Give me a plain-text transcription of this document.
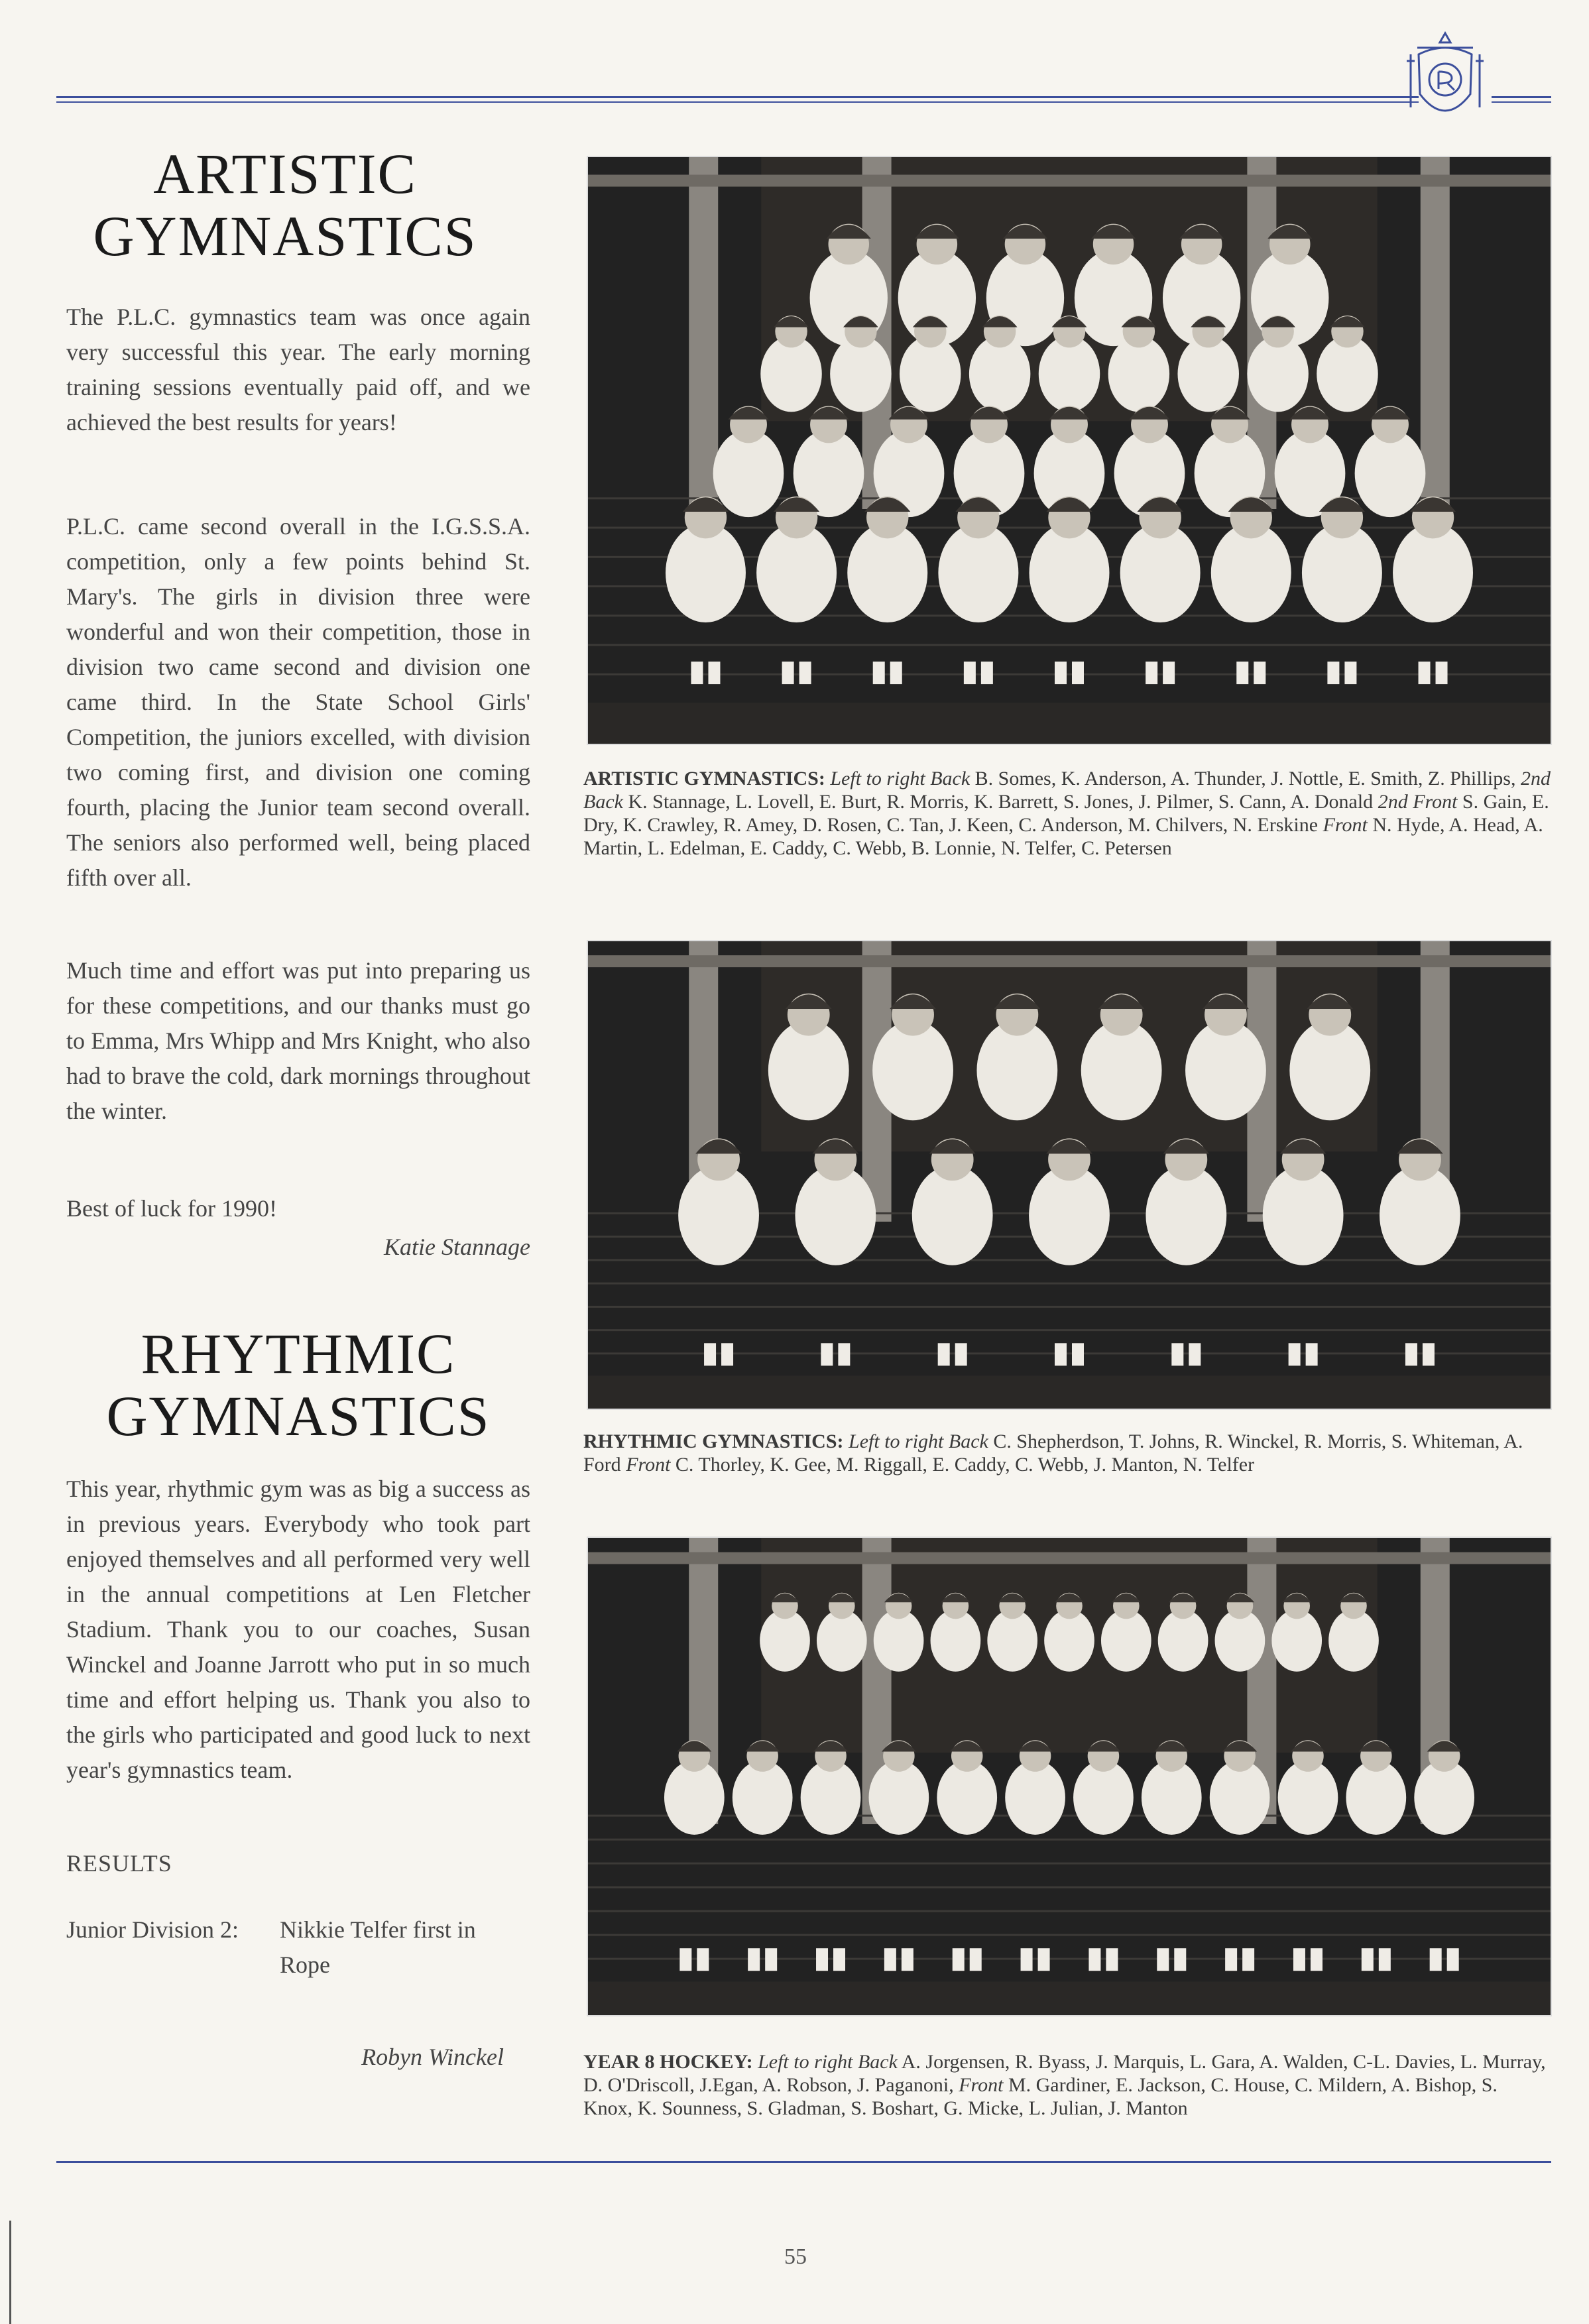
ARTISTIC GYMNASTICS

The P.L.C. gymnastics team was once again very successful this year. The early morning training sessions eventually paid off, and we achieved the best results for years!

P.L.C. came second overall in the I.G.S.S.A. competition, only a few points behind St. Mary's. The girls in division three were wonderful and won their competition, those in division two came second and division one came third. In the State School Girls' Competition, the juniors excelled, with division two coming first, and division one coming fourth, placing the Junior team second overall. The seniors also performed well, being placed fifth over all.

Much time and effort was put into preparing us for these competitions, and our thanks must go to Emma, Mrs Whipp and Mrs Knight, who also had to brave the cold, dark mornings throughout the winter.

Best of luck for 1990!

Katie Stannage
RHYTHMIC GYMNASTICS

This year, rhythmic gym was as big a success as in previous years. Everybody who took part enjoyed themselves and all performed very well in the annual competitions at Len Fletcher Stadium. Thank you to our coaches, Susan Winckel and Joanne Jarrott who put in so much time and effort helping us. Thank you also to the girls who participated and good luck to next year's gymnastics team.

RESULTS
Junior Division 2: Nikkie Telfer first in Rope
Robyn Winckel

ARTISTIC GYMNASTICS: Left to right Back B. Somes, K. Anderson, A. Thunder, J. Nottle, E. Smith, Z. Phillips, 2nd Back K. Stannage, L. Lovell, E. Burt, R. Morris, K. Barrett, S. Jones, J. Pilmer, S. Cann, A. Donald 2nd Front S. Gain, E. Dry, K. Crawley, R. Amey, D. Rosen, C. Tan, J. Keen, C. Anderson, M. Chilvers, N. Erskine Front N. Hyde, A. Head, A. Martin, L. Edelman, E. Caddy, C. Webb, B. Lonnie, N. Telfer, C. Petersen

RHYTHMIC GYMNASTICS: Left to right Back C. Shepherdson, T. Johns, R. Winckel, R. Morris, S. Whiteman, A. Ford Front C. Thorley, K. Gee, M. Riggall, E. Caddy, C. Webb, J. Manton, N. Telfer

YEAR 8 HOCKEY: Left to right Back A. Jorgensen, R. Byass, J. Marquis, L. Gara, A. Walden, C-L. Davies, L. Murray, D. O'Driscoll, J.Egan, A. Robson, J. Paganoni, Front M. Gardiner, E. Jackson, C. House, C. Mildern, A. Bishop, S. Knox, K. Sounness, S. Gladman, S. Boshart, G. Micke, L. Julian, J. Manton

55
